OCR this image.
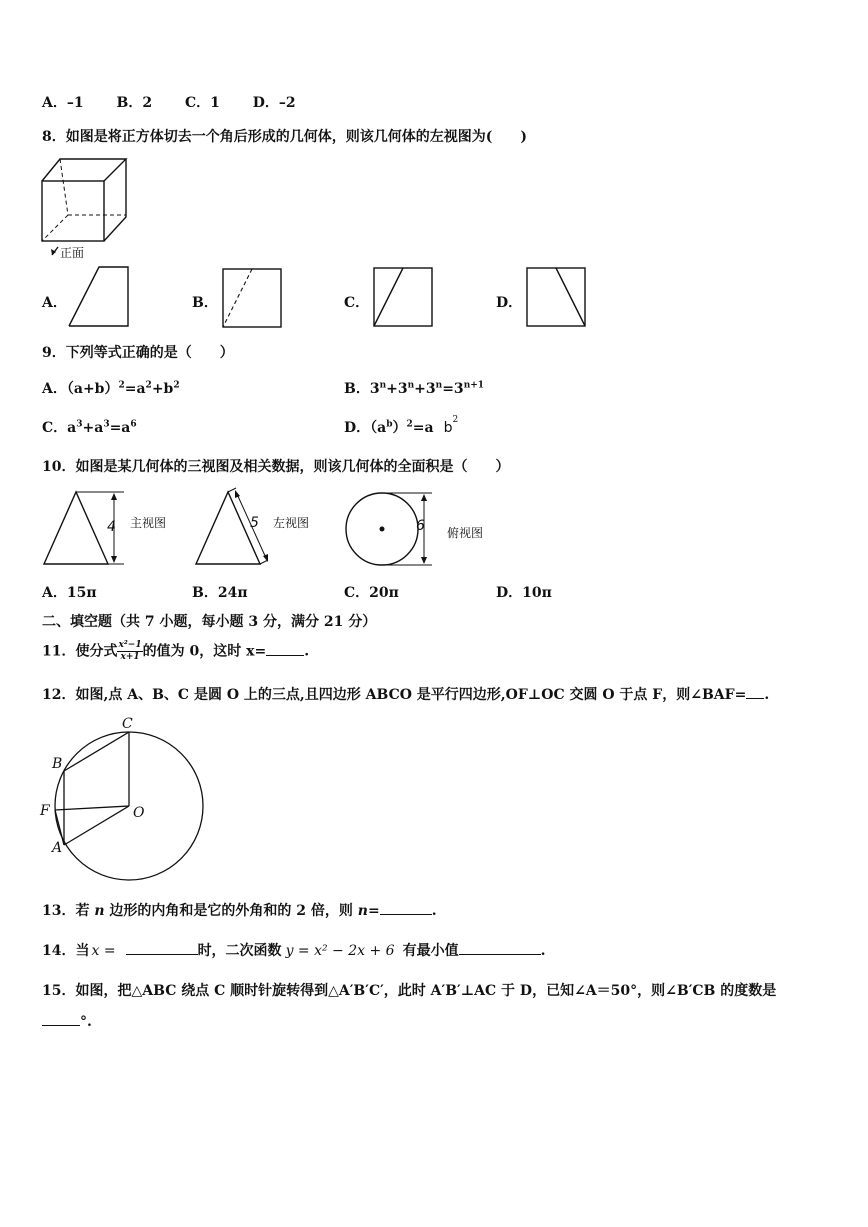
A．–1 B．2 C．1 D．–2
8．如图是将正方体切去一个角后形成的几何体，则该几何体的左视图为(　　)
正面
A．	B．	C．	D．
9．下列等式正确的是（　　）
A．$(a+b)^2=a^2+b^2$	B．$3^n+3^n+3^n=3^{n+1}$
C．$a^3+a^3=a^6$	D．$(a^b)^2=a$ $b^2$
10．如图是某几何体的三视图及相关数据，则该几何体的全面积是（　　）
4 主视图	5 左视图	6 俯视图
A．15π	B．24π	C．20π	D．10π
二、填空题（共 7 小题，每小题 3 分，满分 21 分）
11．使分式 $\frac{\text{x²−1}}{x+1}$ 的值为 0，这时 x=	.
12．如图,点 A、B、C 是圆 O 上的三点,且四边形 ABCO 是平行四边形,OF⊥OC 交圆 O 于点 F，则∠BAF= .
C
B
F	O
A
13．若 n 边形的内角和是它的外角和的 2 倍，则 n=	.
14．当 x =	时，二次函数 y = x² − 2x + 6 有最小值	.
15．如图，把△ABC 绕点 C 顺时针旋转得到△A′B′C′，此时 A′B′⊥AC 于 D，已知∠A＝50°，则∠B′CB 的度数是
°.
